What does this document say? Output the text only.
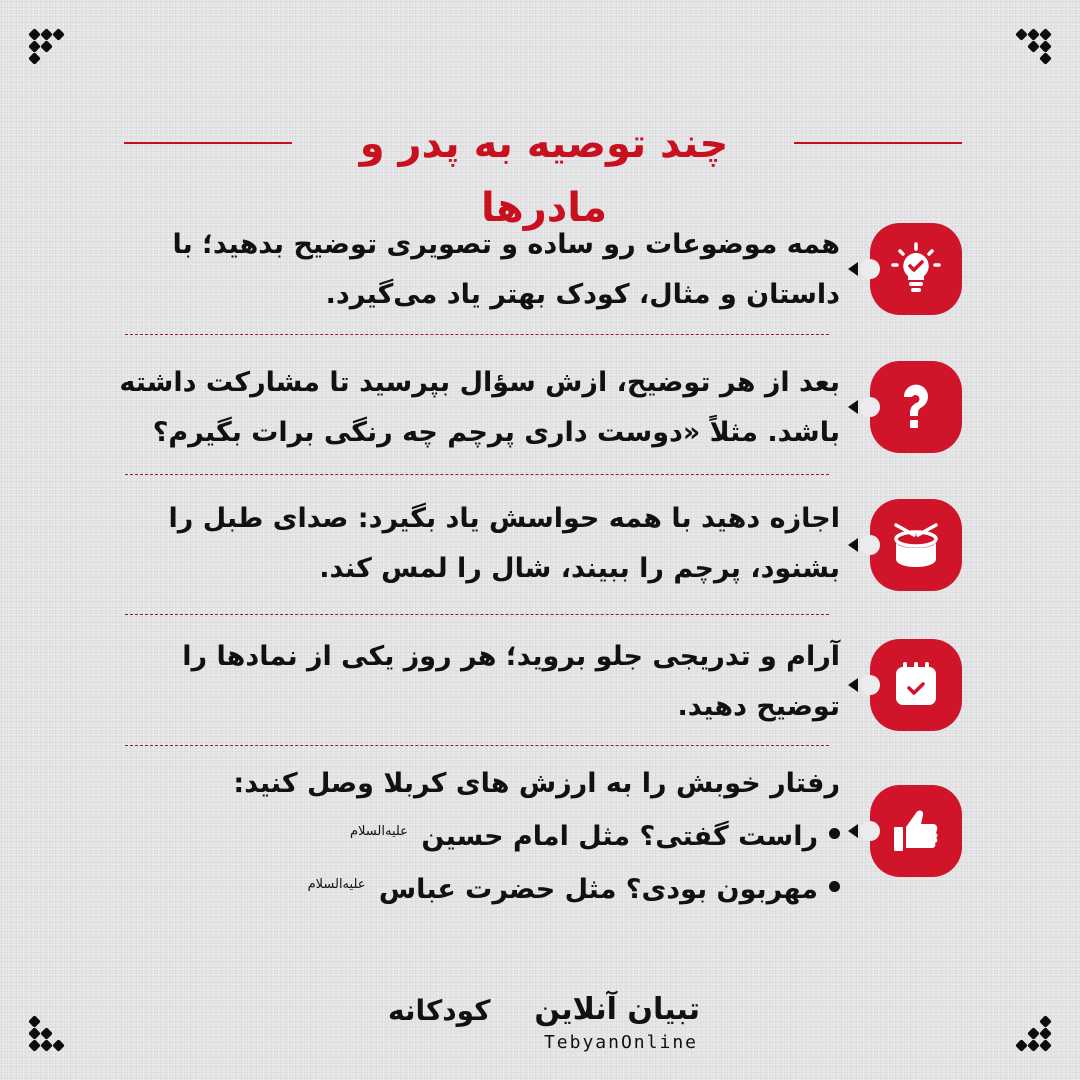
چند توصیه به پدر و مادرها

همه موضوعات رو ساده و تصویری توضیح بدهید؛ با

داستان و مثال، کودک بهتر یاد می‌گیرد.

بعد از هر توضیح، ازش سؤال بپرسید تا مشارکت داشته

باشد. مثلاً «دوست داری پرچم چه رنگی برات بگیرم؟

اجازه دهید با همه حواسش یاد بگیرد: صدای طبل را

بشنود، پرچم را ببیند، شال را لمس کند.

آرام و تدریجی جلو بروید؛ هر روز یکی از نمادها را

توضیح دهید.

رفتار خوبش را به ارزش های کربلا وصل کنید:

راست گفتی؟ مثل امام حسین $^{علیه‌السلام}$
مهربون بودی؟ مثل حضرت عباس $^{علیه‌السلام}$
تبیان آنلاین
کودکانه
TebyanOnline
